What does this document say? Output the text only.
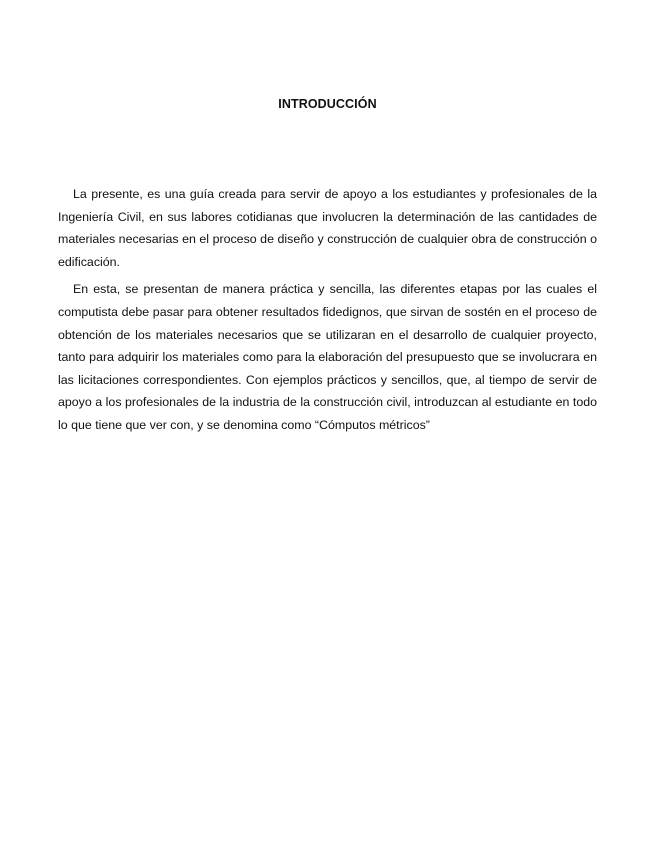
INTRODUCCIÓN

La presente, es una guía creada para servir de apoyo a los estudiantes y profesionales de la Ingeniería Civil, en sus labores cotidianas que involucren la determinación de las cantidades de materiales necesarias en el proceso de diseño y construcción de cualquier obra de construcción o edificación.

En esta, se presentan de manera práctica y sencilla, las diferentes etapas por las cuales el computista debe pasar para obtener resultados fidedignos, que sirvan de sostén en el proceso de obtención de los materiales necesarios que se utilizaran en el desarrollo de cualquier proyecto, tanto para adquirir los materiales como para la elaboración del presupuesto que se involucrara en las licitaciones correspondientes. Con ejemplos prácticos y sencillos, que, al tiempo de servir de apoyo a los profesionales de la industria de la construcción civil, introduzcan al estudiante en todo lo que tiene que ver con, y se denomina como “Cómputos métricos”
